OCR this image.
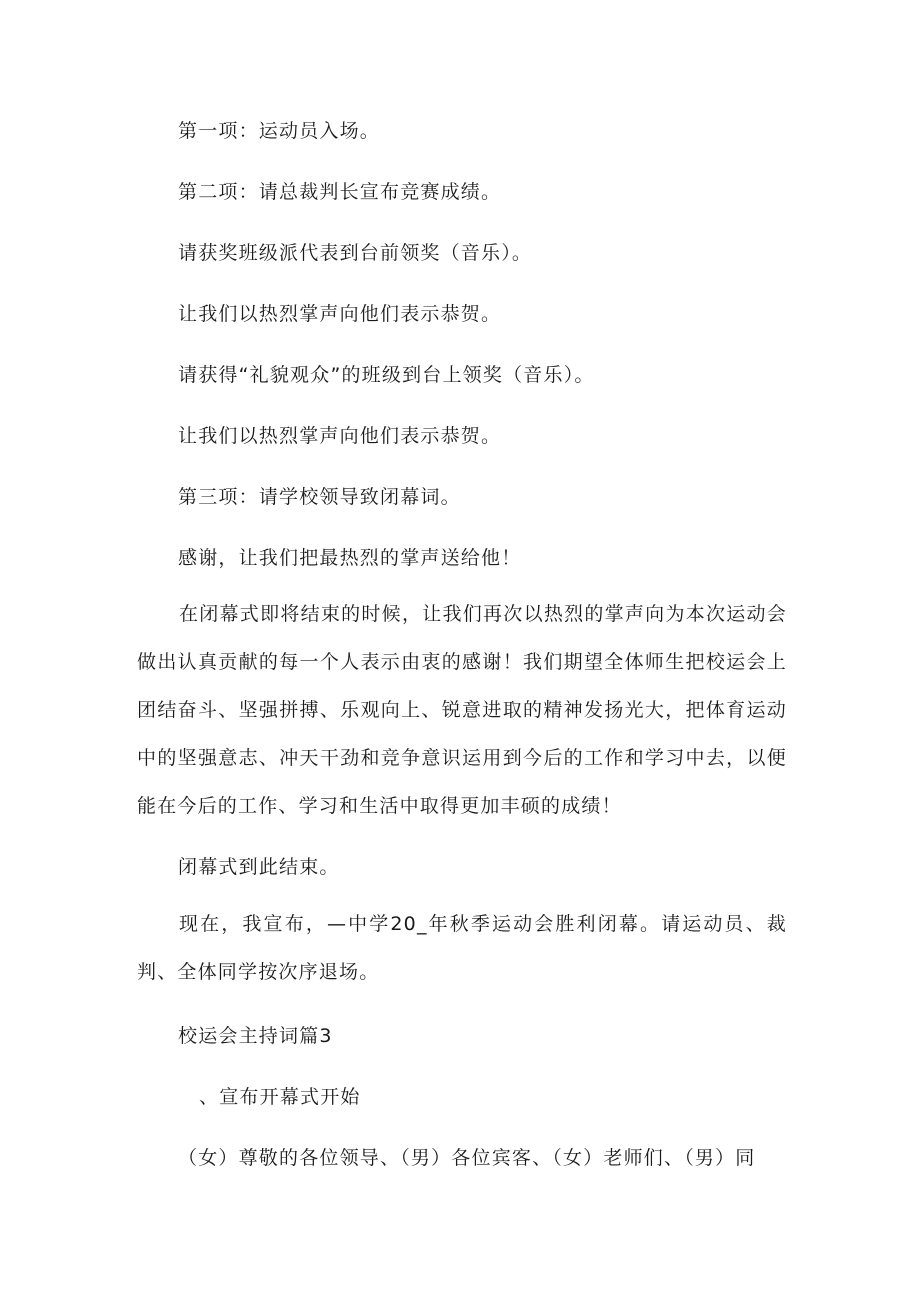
第一项：运动员入场。
第二项：请总裁判长宣布竞赛成绩。
请获奖班级派代表到台前领奖（音乐）。
让我们以热烈掌声向他们表示恭贺。
请获得“礼貌观众”的班级到台上领奖（音乐）。
让我们以热烈掌声向他们表示恭贺。
第三项：请学校领导致闭幕词。
感谢，让我们把最热烈的掌声送给他！
在闭幕式即将结束的时候，让我们再次以热烈的掌声向为本次运动会做出认真贡献的每一个人表示由衷的感谢！我们期望全体师生把校运会上团结奋斗、坚强拼搏、乐观向上、锐意进取的精神发扬光大，把体育运动中的坚强意志、冲天干劲和竞争意识运用到今后的工作和学习中去，以便能在今后的工作、学习和生活中取得更加丰硕的成绩！
闭幕式到此结束。
现在，我宣布，—中学20_年秋季运动会胜利闭幕。请运动员、裁判、全体同学按次序退场。
校运会主持词篇3
、宣布开幕式开始
（女）尊敬的各位领导、（男）各位宾客、（女）老师们、（男）同
